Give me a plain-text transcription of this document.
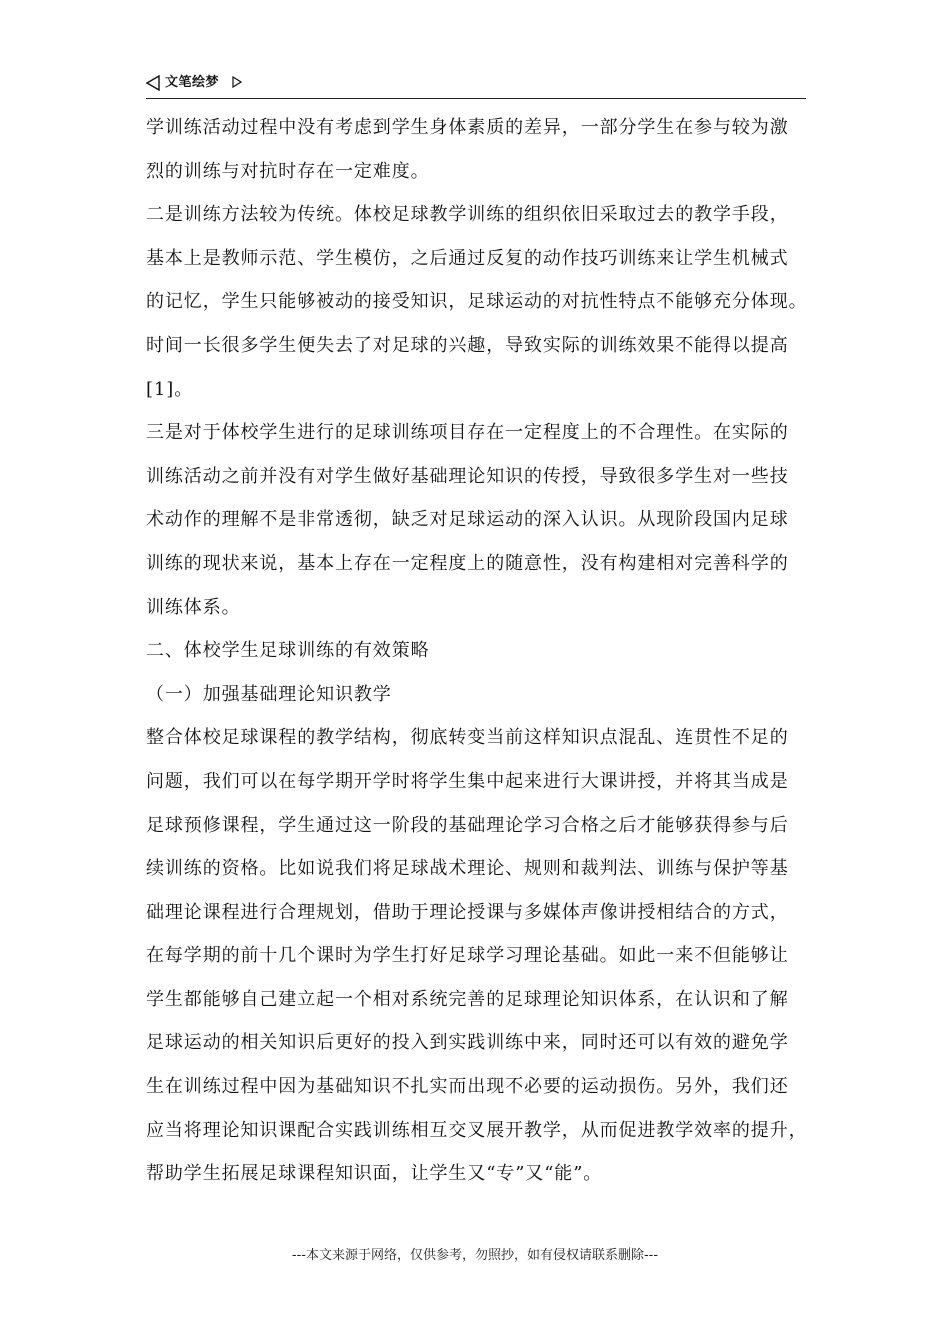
文笔绘梦

学训练活动过程中没有考虑到学生身体素质的差异，一部分学生在参与较为激

烈的训练与对抗时存在一定难度。

二是训练方法较为传统。体校足球教学训练的组织依旧采取过去的教学手段，

基本上是教师示范、学生模仿，之后通过反复的动作技巧训练来让学生机械式

的记忆，学生只能够被动的接受知识，足球运动的对抗性特点不能够充分体现。

时间一长很多学生便失去了对足球的兴趣，导致实际的训练效果不能得以提高

[1]。

三是对于体校学生进行的足球训练项目存在一定程度上的不合理性。在实际的

训练活动之前并没有对学生做好基础理论知识的传授，导致很多学生对一些技

术动作的理解不是非常透彻，缺乏对足球运动的深入认识。从现阶段国内足球

训练的现状来说，基本上存在一定程度上的随意性，没有构建相对完善科学的

训练体系。

二、体校学生足球训练的有效策略

（一）加强基础理论知识教学

整合体校足球课程的教学结构，彻底转变当前这样知识点混乱、连贯性不足的

问题，我们可以在每学期开学时将学生集中起来进行大课讲授，并将其当成是

足球预修课程，学生通过这一阶段的基础理论学习合格之后才能够获得参与后

续训练的资格。比如说我们将足球战术理论、规则和裁判法、训练与保护等基

础理论课程进行合理规划，借助于理论授课与多媒体声像讲授相结合的方式，

在每学期的前十几个课时为学生打好足球学习理论基础。如此一来不但能够让

学生都能够自己建立起一个相对系统完善的足球理论知识体系，在认识和了解

足球运动的相关知识后更好的投入到实践训练中来，同时还可以有效的避免学

生在训练过程中因为基础知识不扎实而出现不必要的运动损伤。另外，我们还

应当将理论知识课配合实践训练相互交叉展开教学，从而促进教学效率的提升，

帮助学生拓展足球课程知识面，让学生又“专”又“能”。

---本文来源于网络，仅供参考，勿照抄，如有侵权请联系删除---
